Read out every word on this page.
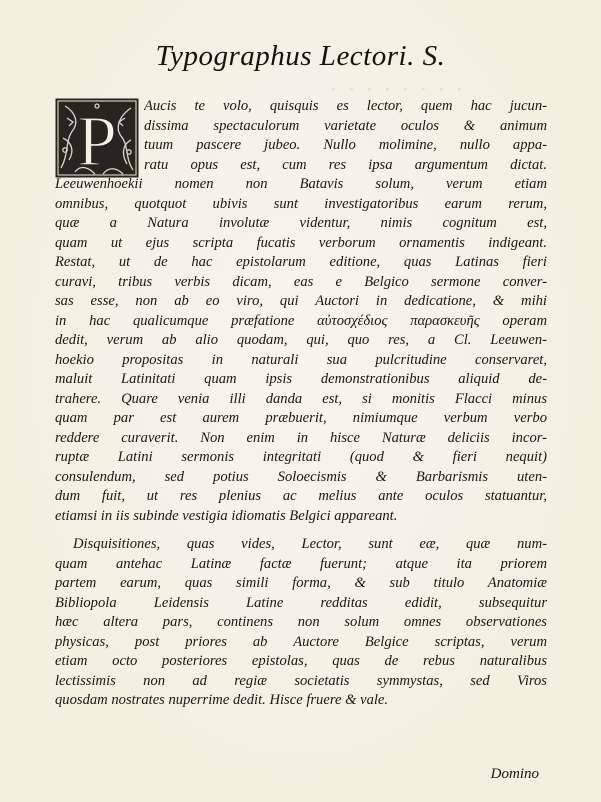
· · · · · · · ·
Typographus Lectori. S.
P Aucis te volo, quisquis es lector, quem hac jucun-
dissima spectaculorum varietate oculos & animum
tuum pascere jubeo. Nullo molimine, nullo appa-
ratu opus est, cum res ipsa argumentum dictat.
Leeuwenhoekii nomen non Batavis solum, verum etiam
omnibus, quotquot ubivis sunt investigatoribus earum rerum,
quæ a Natura involutæ videntur, nimis cognitum est,
quam ut ejus scripta fucatis verborum ornamentis indigeant.
Restat, ut de hac epistolarum editione, quas Latinas fieri
curavi, tribus verbis dicam, eas e Belgico sermone conver-
sas esse, non ab eo viro, qui Auctori in dedicatione, & mihi
in hac qualicumque præfatione αὐτοσχέδιος παρασκευῆς operam
dedit, verum ab alio quodam, qui, quo res, a Cl. Leeuwen-
hoekio propositas in naturali sua pulcritudine conservaret,
maluit Latinitati quam ipsis demonstrationibus aliquid de-
trahere. Quare venia illi danda est, si monitis Flacci minus
quam par est aurem præbuerit, nimiumque verbum verbo
reddere curaverit. Non enim in hisce Naturæ deliciis incor-
ruptæ Latini sermonis integritati (quod & fieri nequit)
consulendum, sed potius Soloecismis & Barbarismis uten-
dum fuit, ut res plenius ac melius ante oculos statuantur,
etiamsi in iis subinde vestigia idiomatis Belgici appareant.
Disquisitiones, quas vides, Lector, sunt eæ, quæ num-
quam antehac Latinæ factæ fuerunt; atque ita priorem
partem earum, quas simili forma, & sub titulo Anatomiæ
Bibliopola Leidensis Latine redditas edidit, subsequitur
hæc altera pars, continens non solum omnes observationes
physicas, post priores ab Auctore Belgice scriptas, verum
etiam octo posteriores epistolas, quas de rebus naturalibus
lectissimis non ad regiæ societatis symmystas, sed Viros
quosdam nostrates nuperrime dedit. Hisce fruere & vale.
Domino
